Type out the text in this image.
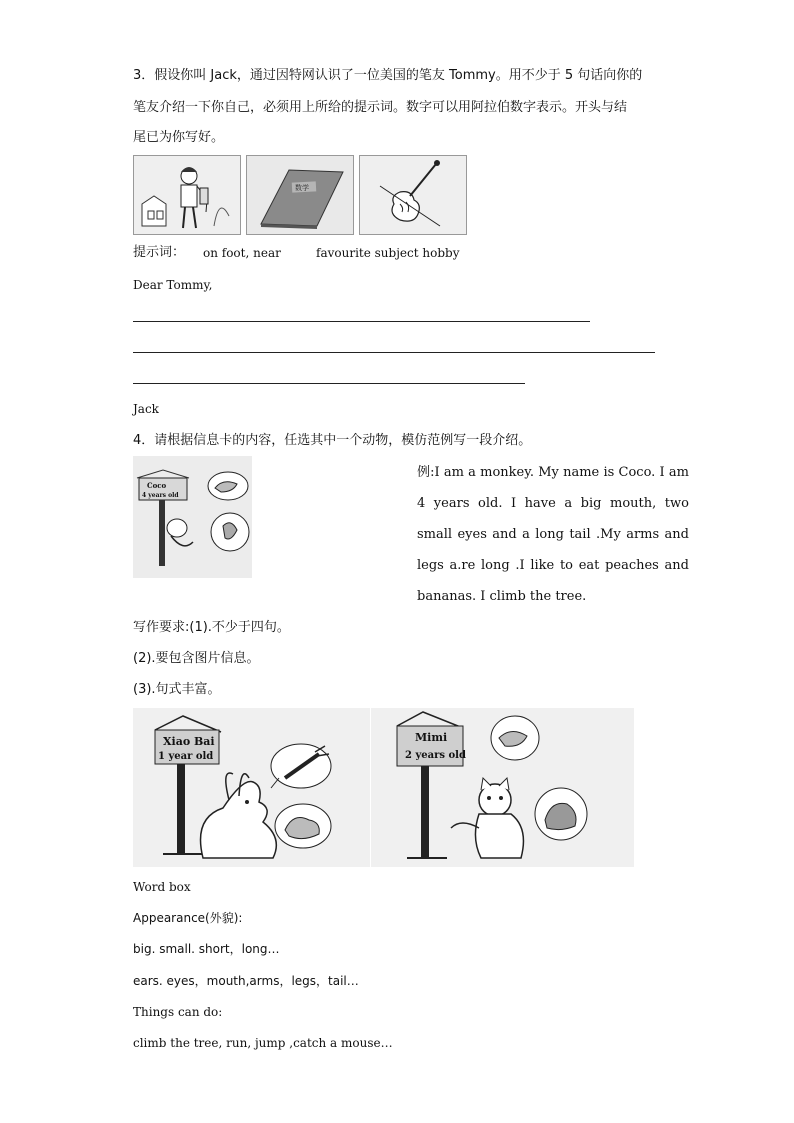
3．假设你叫 Jack，通过因特网认识了一位美国的笔友 Tommy。用不少于 5 句话向你的
笔友介绍一下你自己，必须用上所给的提示词。数字可以用阿拉伯数字表示。开头与结
尾已为你写好。
数学
提示词： on foot, near	favourite subject hobby
Dear Tommy,
Jack
4．请根据信息卡的内容，任选其中一个动物，模仿范例写一段介绍。
Coco
4 years old
例:I am a monkey. My name is Coco. I am 4 years old. I have a big mouth, two small eyes and a long tail .My arms and legs a.re long .I like to eat peaches and bananas. I climb the tree.
写作要求:(1).不少于四句。
(2).要包含图片信息。
(3).句式丰富。
Xiao Bai
1 year old
Mimi
2 years old
Word box
Appearance(外貌):
big. small. short，long…
ears. eyes，mouth,arms，legs，tail…
Things can do:
climb the tree, run, jump ,catch a mouse…
